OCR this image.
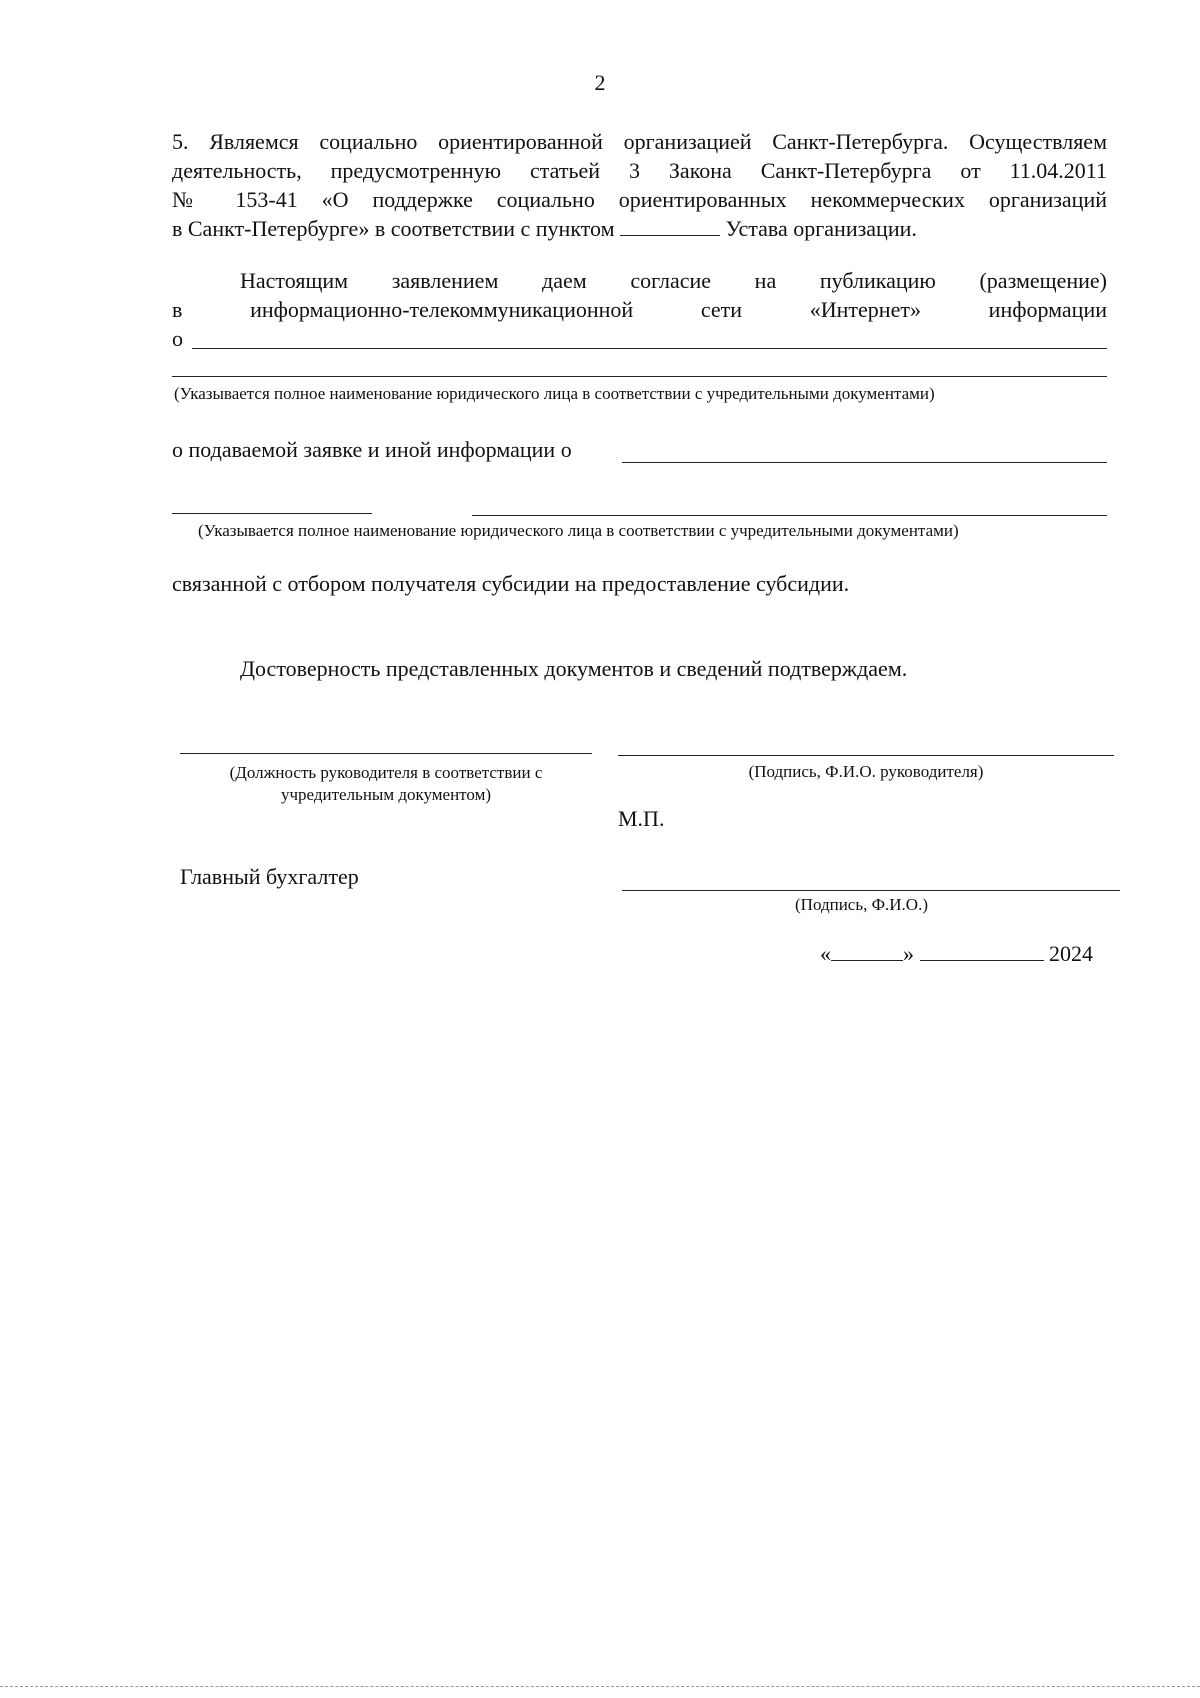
2
5. Являемся социально ориентированной организацией Санкт-Петербурга. Осуществляем
деятельность, предусмотренную статьей 3 Закона Санкт-Петербурга от 11.04.2011
№ 153-41 «О поддержке социально ориентированных некоммерческих организаций
в Санкт-Петербурге» в соответствии с пунктом	Устава организации.
Настоящим заявлением даем согласие на публикацию (размещение)
в	информационно-телекоммуникационной	сети	«Интернет»	информации
о
(Указывается полное наименование юридического лица в соответствии с учредительными документами)
о подаваемой заявке и иной информации о
(Указывается полное наименование юридического лица в соответствии с учредительными документами)
связанной с отбором получателя субсидии на предоставление субсидии.
Достоверность представленных документов и сведений подтверждаем.
(Должность руководителя в соответствии с
учредительным документом)
(Подпись, Ф.И.О. руководителя)
М.П.
Главный бухгалтер
(Подпись, Ф.И.О.)
«	»	2024
